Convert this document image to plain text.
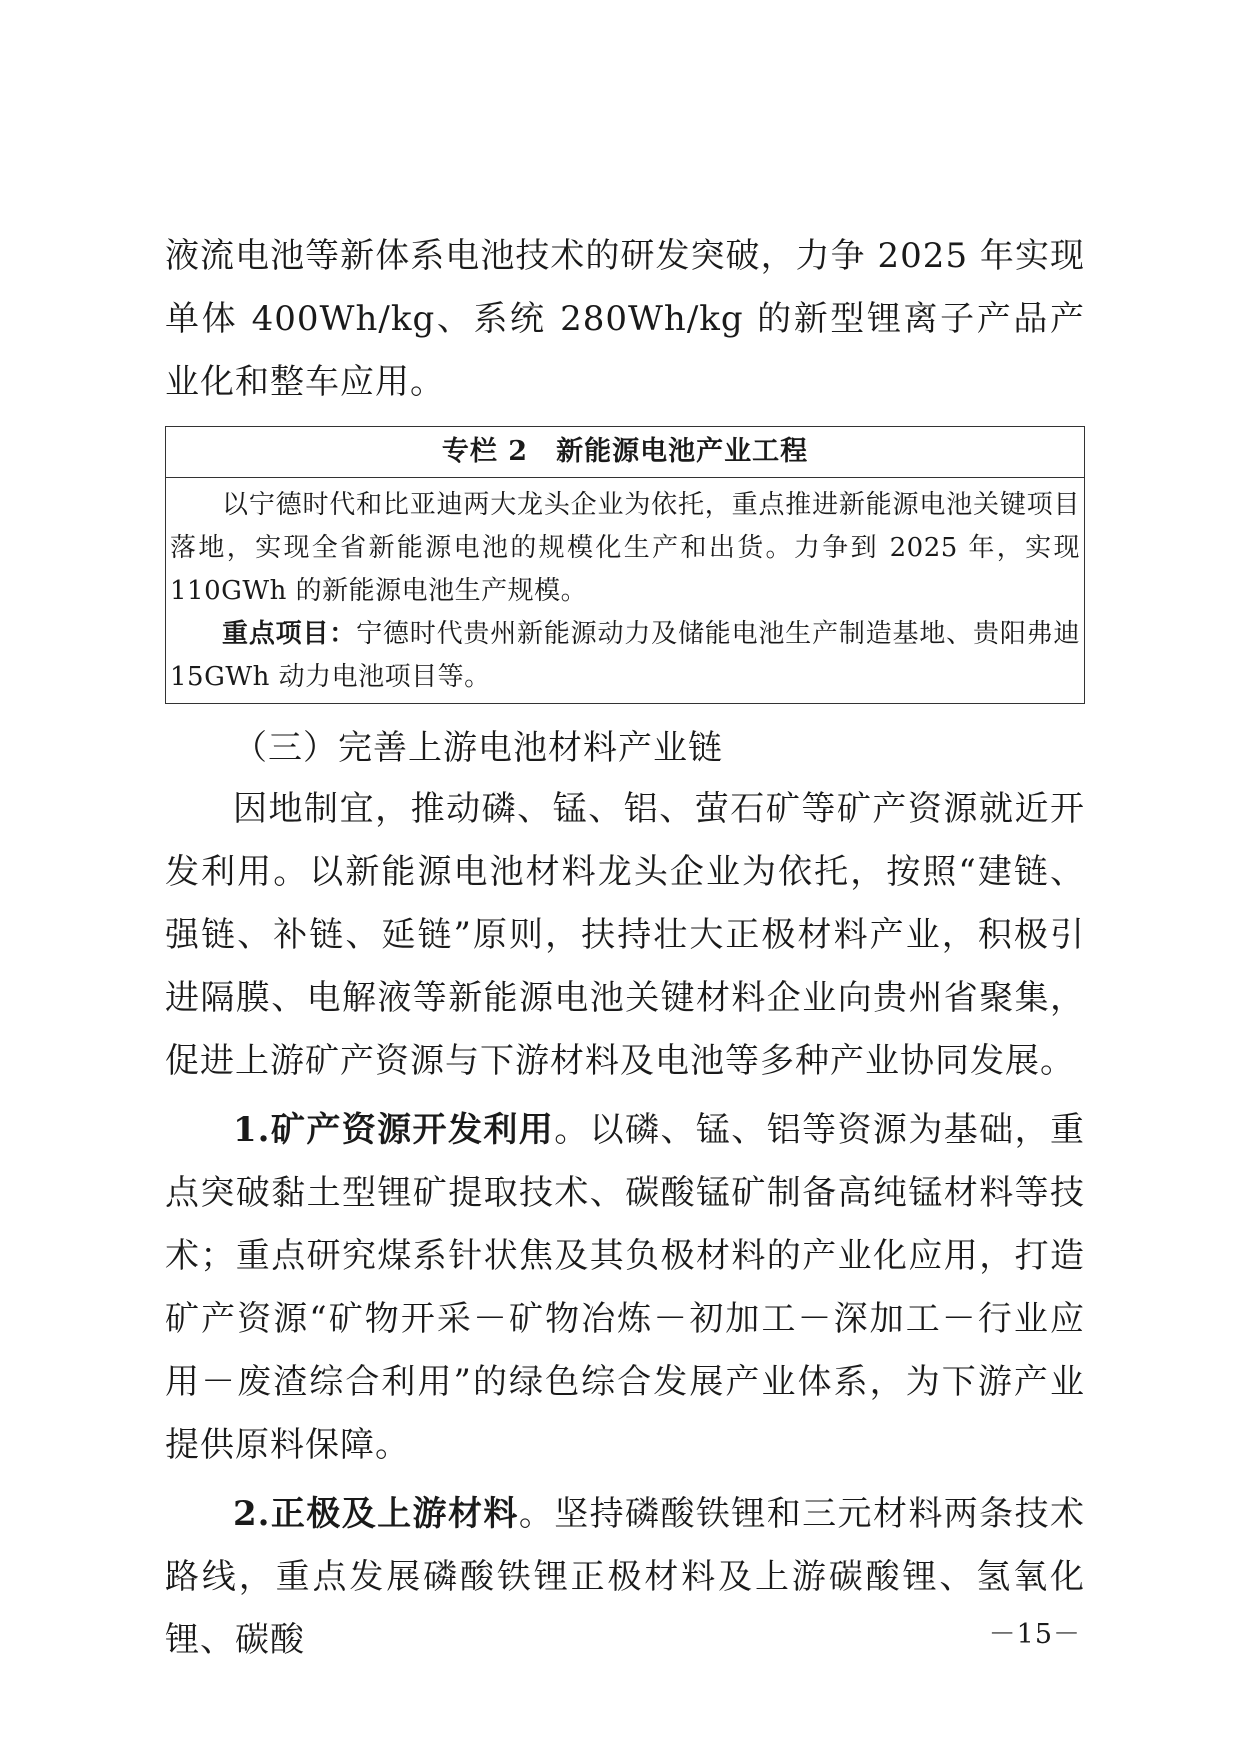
液流电池等新体系电池技术的研发突破，力争 2025 年实现单体 400Wh/kg、系统 280Wh/kg 的新型锂离子产品产业化和整车应用。

专栏 2　新能源电池产业工程

以宁德时代和比亚迪两大龙头企业为依托，重点推进新能源电池关键项目落地，实现全省新能源电池的规模化生产和出货。力争到 2025 年，实现 110GWh 的新能源电池生产规模。

重点项目：宁德时代贵州新能源动力及储能电池生产制造基地、贵阳弗迪 15GWh 动力电池项目等。

（三）完善上游电池材料产业链

因地制宜，推动磷、锰、铝、萤石矿等矿产资源就近开发利用。以新能源电池材料龙头企业为依托，按照“建链、强链、补链、延链”原则，扶持壮大正极材料产业，积极引进隔膜、电解液等新能源电池关键材料企业向贵州省聚集，促进上游矿产资源与下游材料及电池等多种产业协同发展。

1.矿产资源开发利用。以磷、锰、铝等资源为基础，重点突破黏土型锂矿提取技术、碳酸锰矿制备高纯锰材料等技术；重点研究煤系针状焦及其负极材料的产业化应用，打造矿产资源“矿物开采－矿物冶炼－初加工－深加工－行业应用－废渣综合利用”的绿色综合发展产业体系，为下游产业提供原料保障。

2.正极及上游材料。坚持磷酸铁锂和三元材料两条技术路线，重点发展磷酸铁锂正极材料及上游碳酸锂、氢氧化锂、碳酸	－15－
